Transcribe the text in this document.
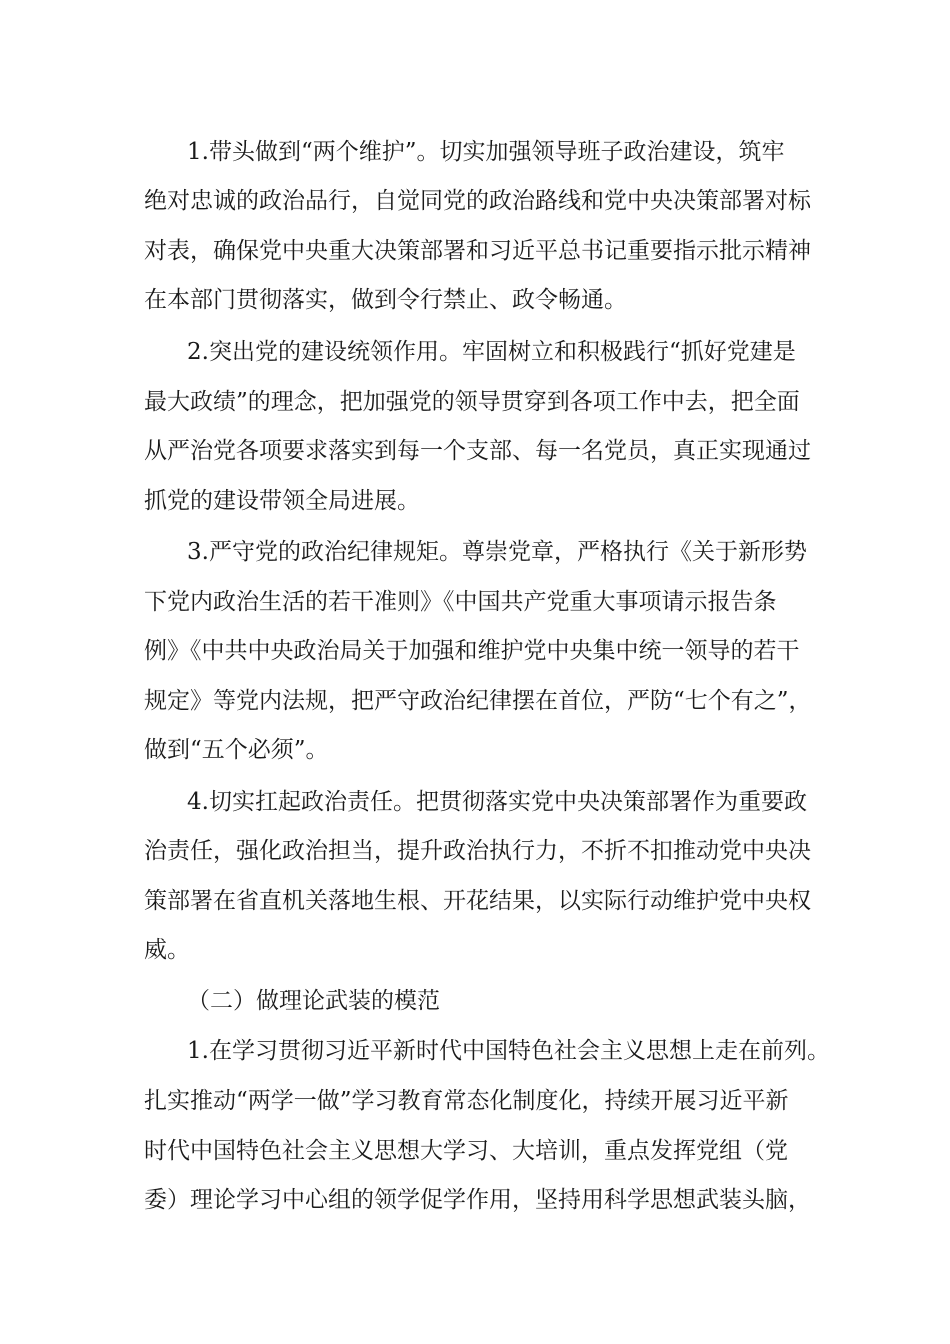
1.带头做到“两个维护”。切实加强领导班子政治建设，筑牢

绝对忠诚的政治品行，自觉同党的政治路线和党中央决策部署对标

对表，确保党中央重大决策部署和习近平总书记重要指示批示精神

在本部门贯彻落实，做到令行禁止、政令畅通。

2.突出党的建设统领作用。牢固树立和积极践行“抓好党建是

最大政绩”的理念，把加强党的领导贯穿到各项工作中去，把全面

从严治党各项要求落实到每一个支部、每一名党员，真正实现通过

抓党的建设带领全局进展。

3.严守党的政治纪律规矩。尊崇党章，严格执行《关于新形势

下党内政治生活的若干准则》《中国共产党重大事项请示报告条

例》《中共中央政治局关于加强和维护党中央集中统一领导的若干

规定》等党内法规，把严守政治纪律摆在首位，严防“七个有之”，

做到“五个必须”。

4.切实扛起政治责任。把贯彻落实党中央决策部署作为重要政

治责任，强化政治担当，提升政治执行力，不折不扣推动党中央决

策部署在省直机关落地生根、开花结果，以实际行动维护党中央权

威。

（二）做理论武装的模范

1.在学习贯彻习近平新时代中国特色社会主义思想上走在前列。

扎实推动“两学一做”学习教育常态化制度化，持续开展习近平新

时代中国特色社会主义思想大学习、大培训，重点发挥党组（党

委）理论学习中心组的领学促学作用，坚持用科学思想武装头脑，
